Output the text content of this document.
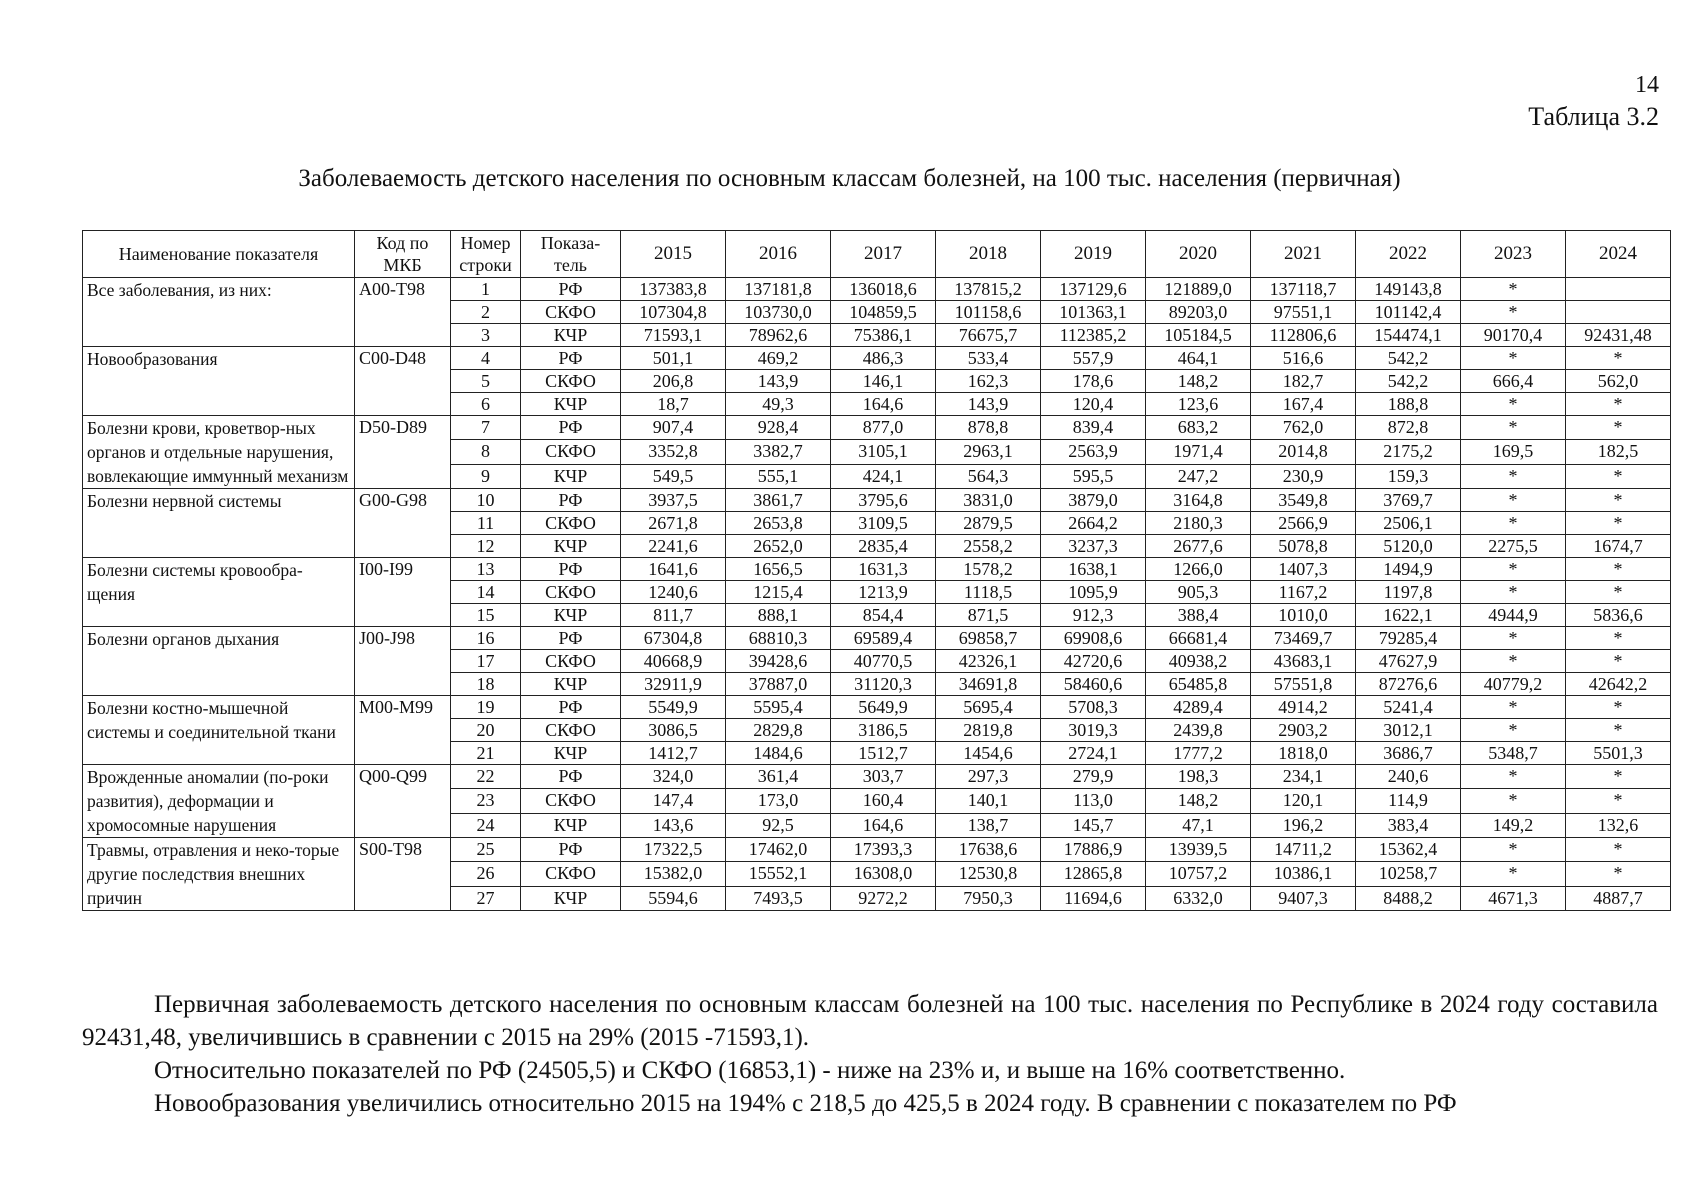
14
Таблица 3.2
Заболеваемость детского населения по основным классам болезней, на 100 тыс. населения (первичная)
Наименование показателя	Код по МКБ	Номер строки	Показа-тель	2015	2016	2017	2018	2019	2020	2021	2022	2023	2024
Все заболевания, из них:	А00-Т98	1	РФ	137383,8	137181,8	136018,6	137815,2	137129,6	121889,0	137118,7	149143,8	*	
		2	СКФО	107304,8	103730,0	104859,5	101158,6	101363,1	89203,0	97551,1	101142,4	*	
		3	КЧР	71593,1	78962,6	75386,1	76675,7	112385,2	105184,5	112806,6	154474,1	90170,4	92431,48
Новообразования	C00-D48	4	РФ	501,1	469,2	486,3	533,4	557,9	464,1	516,6	542,2	*	*
		5	СКФО	206,8	143,9	146,1	162,3	178,6	148,2	182,7	542,2	666,4	562,0
		6	КЧР	18,7	49,3	164,6	143,9	120,4	123,6	167,4	188,8	*	*
Болезни крови, кроветвор-ных органов и отдельные нарушения, вовлекающие иммунный механизм	D50-D89	7	РФ	907,4	928,4	877,0	878,8	839,4	683,2	762,0	872,8	*	*
		8	СКФО	3352,8	3382,7	3105,1	2963,1	2563,9	1971,4	2014,8	2175,2	169,5	182,5
		9	КЧР	549,5	555,1	424,1	564,3	595,5	247,2	230,9	159,3	*	*
Болезни нервной системы	G00-G98	10	РФ	3937,5	3861,7	3795,6	3831,0	3879,0	3164,8	3549,8	3769,7	*	*
		11	СКФО	2671,8	2653,8	3109,5	2879,5	2664,2	2180,3	2566,9	2506,1	*	*
		12	КЧР	2241,6	2652,0	2835,4	2558,2	3237,3	2677,6	5078,8	5120,0	2275,5	1674,7
Болезни системы кровообра-щения	I00-I99	13	РФ	1641,6	1656,5	1631,3	1578,2	1638,1	1266,0	1407,3	1494,9	*	*
		14	СКФО	1240,6	1215,4	1213,9	1118,5	1095,9	905,3	1167,2	1197,8	*	*
		15	КЧР	811,7	888,1	854,4	871,5	912,3	388,4	1010,0	1622,1	4944,9	5836,6
Болезни органов дыхания	J00-J98	16	РФ	67304,8	68810,3	69589,4	69858,7	69908,6	66681,4	73469,7	79285,4	*	*
		17	СКФО	40668,9	39428,6	40770,5	42326,1	42720,6	40938,2	43683,1	47627,9	*	*
		18	КЧР	32911,9	37887,0	31120,3	34691,8	58460,6	65485,8	57551,8	87276,6	40779,2	42642,2
Болезни костно-мышечной системы и соединительной ткани	M00-M99	19	РФ	5549,9	5595,4	5649,9	5695,4	5708,3	4289,4	4914,2	5241,4	*	*
		20	СКФО	3086,5	2829,8	3186,5	2819,8	3019,3	2439,8	2903,2	3012,1	*	*
		21	КЧР	1412,7	1484,6	1512,7	1454,6	2724,1	1777,2	1818,0	3686,7	5348,7	5501,3
Врожденные аномалии (по-роки развития), деформации и хромосомные нарушения	Q00-Q99	22	РФ	324,0	361,4	303,7	297,3	279,9	198,3	234,1	240,6	*	*
		23	СКФО	147,4	173,0	160,4	140,1	113,0	148,2	120,1	114,9	*	*
		24	КЧР	143,6	92,5	164,6	138,7	145,7	47,1	196,2	383,4	149,2	132,6
Травмы, отравления и неко-торые другие последствия внешних причин	S00-T98	25	РФ	17322,5	17462,0	17393,3	17638,6	17886,9	13939,5	14711,2	15362,4	*	*
		26	СКФО	15382,0	15552,1	16308,0	12530,8	12865,8	10757,2	10386,1	10258,7	*	*
		27	КЧР	5594,6	7493,5	9272,2	7950,3	11694,6	6332,0	9407,3	8488,2	4671,3	4887,7

Первичная заболеваемость детского населения по основным классам болезней на 100 тыс. населения по Республике в 2024 году составила 92431,48, увеличившись в сравнении с 2015 на 29% (2015 -71593,1).

Относительно показателей по РФ (24505,5) и СКФО (16853,1) - ниже на 23% и, и выше на 16% соответственно.

Новообразования увеличились относительно 2015 на 194% с 218,5 до 425,5 в 2024 году. В сравнении с показателем по РФ
